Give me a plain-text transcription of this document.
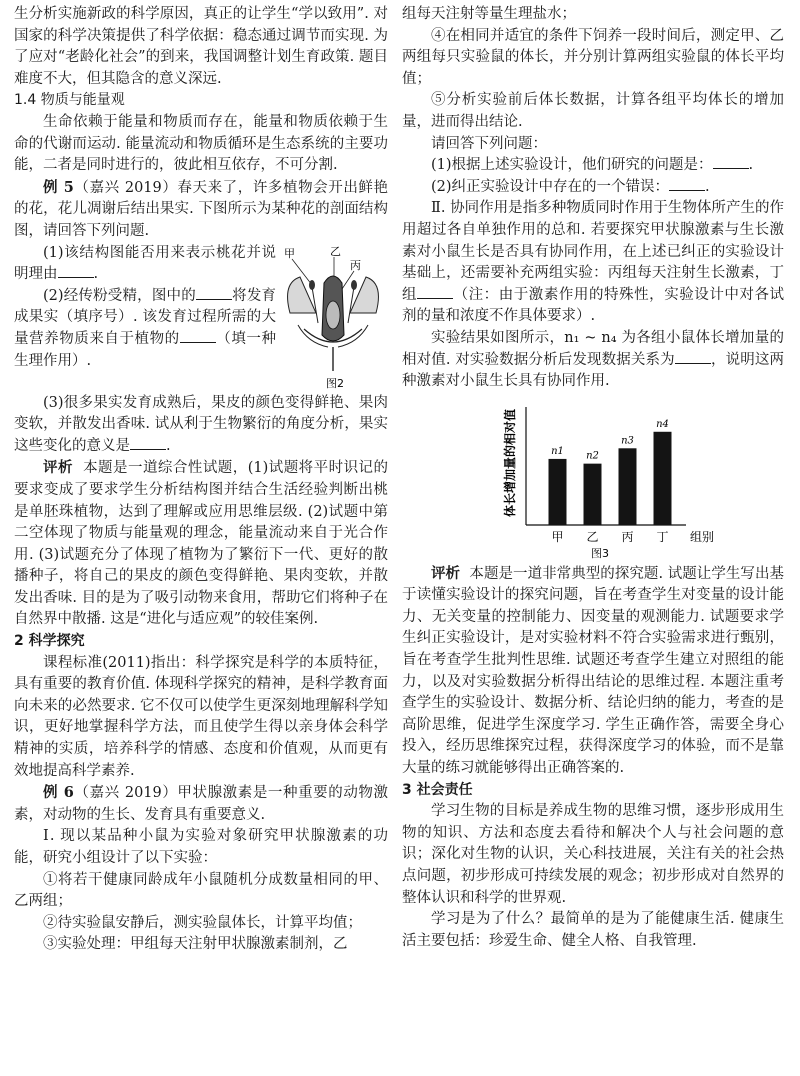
生分析实施新政的科学原因，真正的让学生“学以致用”. 对国家的科学决策提供了科学依据：稳态通过调节而实现. 为了应对“老龄化社会”的到来，我国调整计划生育政策. 题目难度不大，但其隐含的意义深远.

1.4 物质与能量观

生命依赖于能量和物质而存在，能量和物质依赖于生命的代谢而运动. 能量流动和物质循环是生态系统的主要功能，二者是同时进行的，彼此相互依存，不可分割.

例 5（嘉兴 2019）春天来了，许多植物会开出鲜艳的花，花儿凋谢后结出果实. 下图所示为某种花的剖面结构图，请回答下列问题.

(1)该结构图能否用来表示桃花并说明理由 .

(2)经传粉受精，图中的 将发育成果实（填序号）. 该发育过程所需的大量营养物质来自于植物的 （填一种生理作用）.

甲	乙
丙
图2

(3)很多果实发育成熟后，果皮的颜色变得鲜艳、果肉变软，并散发出香味. 试从利于生物繁衍的角度分析，果实这些变化的意义是 .

评析 本题是一道综合性试题，(1)试题将平时识记的要求变成了要求学生分析结构图并结合生活经验判断出桃是单胚珠植物，达到了理解或应用思维层级. (2)试题中第二空体现了物质与能量观的理念，能量流动来自于光合作用. (3)试题充分了体现了植物为了繁衍下一代、更好的散播种子，将自己的果皮的颜色变得鲜艳、果肉变软，并散发出香味. 目的是为了吸引动物来食用，帮助它们将种子在自然界中散播. 这是“进化与适应观”的较佳案例.

2 科学探究

课程标准(2011)指出：科学探究是科学的本质特征，具有重要的教育价值. 体现科学探究的精神，是科学教育面向未来的必然要求. 它不仅可以使学生更深刻地理解科学知识，更好地掌握科学方法，而且使学生得以亲身体会科学精神的实质，培养科学的情感、态度和价值观，从而更有效地提高科学素养.

例 6（嘉兴 2019）甲状腺激素是一种重要的动物激素，对动物的生长、发育具有重要意义.

Ⅰ. 现以某品种小鼠为实验对象研究甲状腺激素的功能，研究小组设计了以下实验：

①将若干健康同龄成年小鼠随机分成数量相同的甲、乙两组；

②待实验鼠安静后，测实验鼠体长，计算平均值；

③实验处理：甲组每天注射甲状腺激素制剂，乙

组每天注射等量生理盐水；

④在相同并适宜的条件下饲养一段时间后，测定甲、乙两组每只实验鼠的体长，并分别计算两组实验鼠的体长平均值；

⑤分析实验前后体长数据，计算各组平均体长的增加量，进而得出结论.

请回答下列问题：

(1)根据上述实验设计，他们研究的问题是： .

(2)纠正实验设计中存在的一个错误： .

Ⅱ. 协同作用是指多种物质同时作用于生物体所产生的作用超过各自单独作用的总和. 若要探究甲状腺激素与生长激素对小鼠生长是否具有协同作用，在上述已纠正的实验设计基础上，还需要补充两组实验：丙组每天注射生长激素，丁组 （注：由于激素作用的特殊性，实验设计中对各试剂的量和浓度不作具体要求）.

实验结果如图所示，n₁ ~ n₄ 为各组小鼠体长增加量的相对值. 对实验数据分析后发现数据关系为 ，说明这两种激素对小鼠生长具有协同作用.

体长增加量的相对值
组别
图3
n1
甲
n2
乙
n3
丙
n4
丁

评析 本题是一道非常典型的探究题. 试题让学生写出基于读懂实验设计的探究问题，旨在考查学生对变量的设计能力、无关变量的控制能力、因变量的观测能力. 试题要求学生纠正实验设计，是对实验材料不符合实验需求进行甄别，旨在考查学生批判性思维. 试题还考查学生建立对照组的能力，以及对实验数据分析得出结论的思维过程. 本题注重考查学生的实验设计、数据分析、结论归纳的能力，考查的是高阶思维，促进学生深度学习. 学生正确作答，需要全身心投入，经历思维探究过程，获得深度学习的体验，而不是靠大量的练习就能够得出正确答案的.

3 社会责任

学习生物的目标是养成生物的思维习惯，逐步形成用生物的知识、方法和态度去看待和解决个人与社会问题的意识；深化对生物的认识，关心科技进展，关注有关的社会热点问题，初步形成可持续发展的观念；初步形成对自然界的整体认识和科学的世界观.

学习是为了什么？最简单的是为了能健康生活. 健康生活主要包括：珍爱生命、健全人格、自我管理.
